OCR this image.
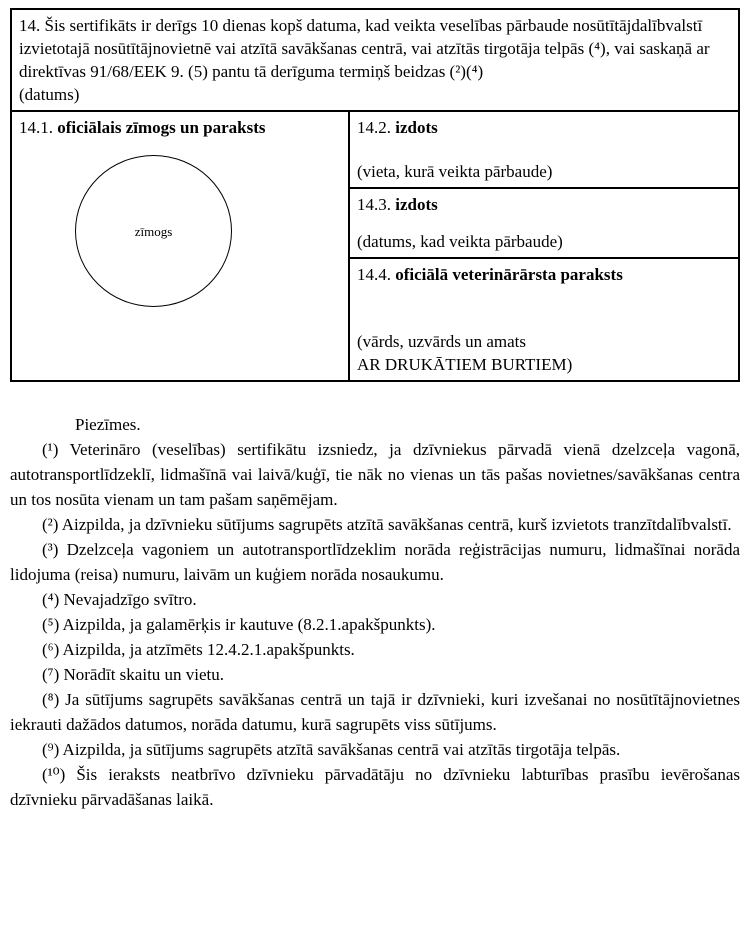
14. Šis sertifikāts ir derīgs 10 dienas kopš datuma, kad veikta veselības pārbaude nosūtītājdalībvalstī izvietotajā nosūtītājnovietnē vai atzītā savākšanas centrā, vai atzītās tirgotāja telpās (⁴), vai saskaņā ar direktīvas 91/68/EEK 9. (5) pantu tā derīguma termiņš beidzas (²)(⁴)
(datums)

14.1. oficiālais zīmogs un paraksts
zīmogs

14.2. izdots
(vieta, kurā veikta pārbaude)

14.3. izdots
(datums, kad veikta pārbaude)

14.4. oficiālā veterinārārsta paraksts
(vārds, uzvārds un amats
AR DRUKĀTIEM BURTIEM)

Piezīmes.

(¹) Veterināro (veselības) sertifikātu izsniedz, ja dzīvniekus pārvadā vienā dzelzceļa vagonā, autotransportlīdzeklī, lidmašīnā vai laivā/kuģī, tie nāk no vienas un tās pašas novietnes/savākšanas centra un tos nosūta vienam un tam pašam saņēmējam.

(²) Aizpilda, ja dzīvnieku sūtījums sagrupēts atzītā savākšanas centrā, kurš izvietots tranzītdalībvalstī.

(³) Dzelzceļa vagoniem un autotransportlīdzeklim norāda reģistrācijas numuru, lidmašīnai norāda lidojuma (reisa) numuru, laivām un kuģiem norāda nosaukumu.

(⁴) Nevajadzīgo svītro.

(⁵) Aizpilda, ja galamērķis ir kautuve (8.2.1.apakšpunkts).

(⁶) Aizpilda, ja atzīmēts 12.4.2.1.apakšpunkts.

(⁷) Norādīt skaitu un vietu.

(⁸) Ja sūtījums sagrupēts savākšanas centrā un tajā ir dzīvnieki, kuri izvešanai no nosūtītājnovietnes iekrauti dažādos datumos, norāda datumu, kurā sagrupēts viss sūtījums.

(⁹) Aizpilda, ja sūtījums sagrupēts atzītā savākšanas centrā vai atzītās tirgotāja telpās.

(¹⁰) Šis ieraksts neatbrīvo dzīvnieku pārvadātāju no dzīvnieku labturības prasību ievērošanas dzīvnieku pārvadāšanas laikā.
